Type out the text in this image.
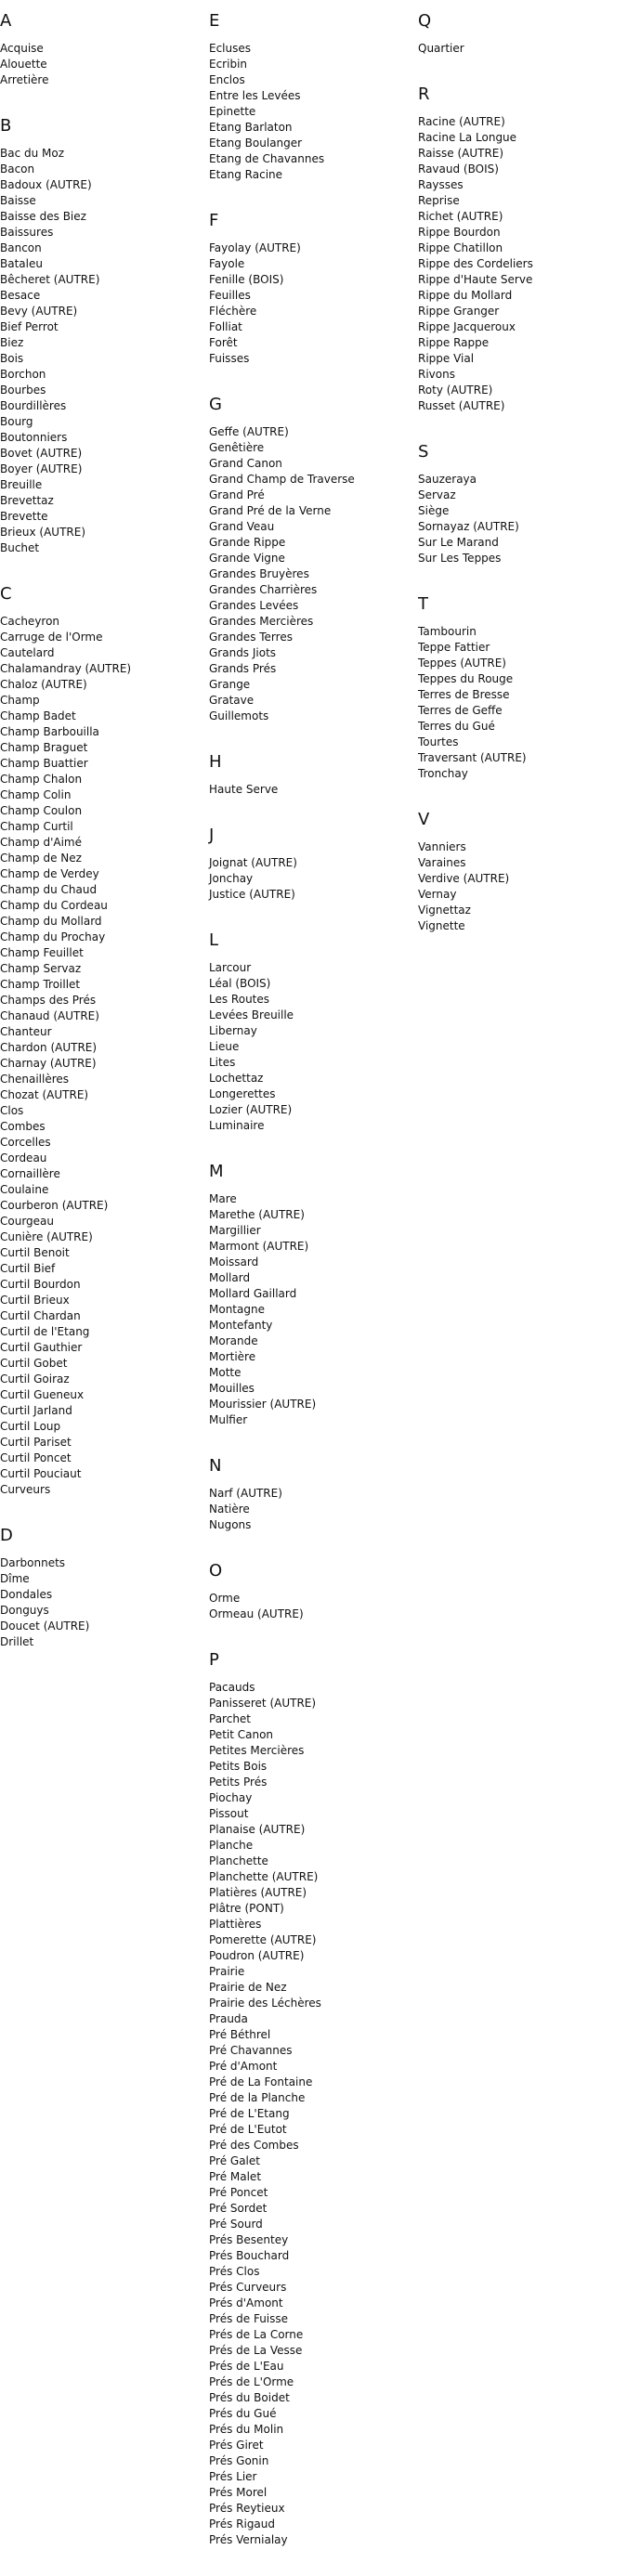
A
Acquise
Alouette
Arretière
B
Bac du Moz
Bacon
Badoux (AUTRE)
Baisse
Baisse des Biez
Baissures
Bancon
Bataleu
Bêcheret (AUTRE)
Besace
Bevy (AUTRE)
Bief Perrot
Biez
Bois
Borchon
Bourbes
Bourdillères
Bourg
Boutonniers
Bovet (AUTRE)
Boyer (AUTRE)
Breuille
Brevettaz
Brevette
Brieux (AUTRE)
Buchet
C
Cacheyron
Carruge de l'Orme
Cautelard
Chalamandray (AUTRE)
Chaloz (AUTRE)
Champ
Champ Badet
Champ Barbouilla
Champ Braguet
Champ Buattier
Champ Chalon
Champ Colin
Champ Coulon
Champ Curtil
Champ d'Aimé
Champ de Nez
Champ de Verdey
Champ du Chaud
Champ du Cordeau
Champ du Mollard
Champ du Prochay
Champ Feuillet
Champ Servaz
Champ Troillet
Champs des Prés
Chanaud (AUTRE)
Chanteur
Chardon (AUTRE)
Charnay (AUTRE)
Chenaillères
Chozat (AUTRE)
Clos
Combes
Corcelles
Cordeau
Cornaillère
Coulaine
Courberon (AUTRE)
Courgeau
Cunière (AUTRE)
Curtil Benoit
Curtil Bief
Curtil Bourdon
Curtil Brieux
Curtil Chardan
Curtil de l'Etang
Curtil Gauthier
Curtil Gobet
Curtil Goiraz
Curtil Gueneux
Curtil Jarland
Curtil Loup
Curtil Pariset
Curtil Poncet
Curtil Pouciaut
Curveurs
D
Darbonnets
Dîme
Dondales
Donguys
Doucet (AUTRE)
Drillet
E
Ecluses
Ecribin
Enclos
Entre les Levées
Epinette
Etang Barlaton
Etang Boulanger
Etang de Chavannes
Etang Racine
F
Fayolay (AUTRE)
Fayole
Fenille (BOIS)
Feuilles
Fléchère
Folliat
Forêt
Fuisses
G
Geffe (AUTRE)
Genêtière
Grand Canon
Grand Champ de Traverse
Grand Pré
Grand Pré de la Verne
Grand Veau
Grande Rippe
Grande Vigne
Grandes Bruyères
Grandes Charrières
Grandes Levées
Grandes Mercières
Grandes Terres
Grands Jiots
Grands Prés
Grange
Gratave
Guillemots
H
Haute Serve
J
Joignat (AUTRE)
Jonchay
Justice (AUTRE)
L
Larcour
Léal (BOIS)
Les Routes
Levées Breuille
Libernay
Lieue
Lites
Lochettaz
Longerettes
Lozier (AUTRE)
Luminaire
M
Mare
Marethe (AUTRE)
Margillier
Marmont (AUTRE)
Moissard
Mollard
Mollard Gaillard
Montagne
Montefanty
Morande
Mortière
Motte
Mouilles
Mourissier (AUTRE)
Mulfier
N
Narf (AUTRE)
Natière
Nugons
O
Orme
Ormeau (AUTRE)
P
Pacauds
Panisseret (AUTRE)
Parchet
Petit Canon
Petites Mercières
Petits Bois
Petits Prés
Piochay
Pissout
Planaise (AUTRE)
Planche
Planchette
Planchette (AUTRE)
Platières (AUTRE)
Plâtre (PONT)
Plattières
Pomerette (AUTRE)
Poudron (AUTRE)
Prairie
Prairie de Nez
Prairie des Léchères
Prauda
Pré Béthrel
Pré Chavannes
Pré d'Amont
Pré de La Fontaine
Pré de la Planche
Pré de L'Etang
Pré de L'Eutot
Pré des Combes
Pré Galet
Pré Malet
Pré Poncet
Pré Sordet
Pré Sourd
Prés Besentey
Prés Bouchard
Prés Clos
Prés Curveurs
Prés d'Amont
Prés de Fuisse
Prés de La Corne
Prés de La Vesse
Prés de L'Eau
Prés de L'Orme
Prés du Boidet
Prés du Gué
Prés du Molin
Prés Giret
Prés Gonin
Prés Lier
Prés Morel
Prés Reytieux
Prés Rigaud
Prés Vernialay
Q
Quartier
R
Racine (AUTRE)
Racine La Longue
Raisse (AUTRE)
Ravaud (BOIS)
Raysses
Reprise
Richet (AUTRE)
Rippe Bourdon
Rippe Chatillon
Rippe des Cordeliers
Rippe d'Haute Serve
Rippe du Mollard
Rippe Granger
Rippe Jacqueroux
Rippe Rappe
Rippe Vial
Rivons
Roty (AUTRE)
Russet (AUTRE)
S
Sauzeraya
Servaz
Siège
Sornayaz (AUTRE)
Sur Le Marand
Sur Les Teppes
T
Tambourin
Teppe Fattier
Teppes (AUTRE)
Teppes du Rouge
Terres de Bresse
Terres de Geffe
Terres du Gué
Tourtes
Traversant (AUTRE)
Tronchay
V
Vanniers
Varaines
Verdive (AUTRE)
Vernay
Vignettaz
Vignette
